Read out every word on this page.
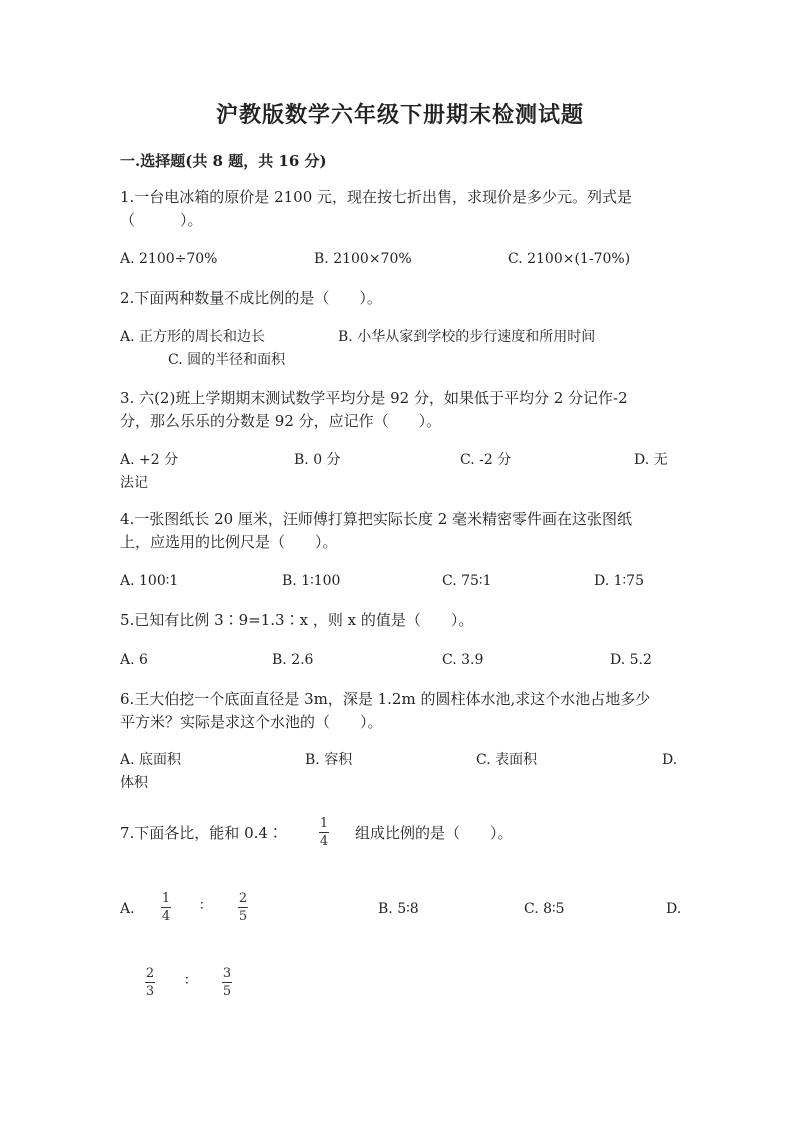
沪教版数学六年级下册期末检测试题
一.选择题(共 8 题，共 16 分)
1.一台电冰箱的原价是 2100 元，现在按七折出售，求现价是多少元。列式是
（　　　）。
A. 2100÷70%	B. 2100×70%	C. 2100×(1-70%)
2.下面两种数量不成比例的是（　　）。
A. 正方形的周长和边长	B. 小华从家到学校的步行速度和所用时间
C. 圆的半径和面积
3. 六(2)班上学期期末测试数学平均分是 92 分，如果低于平均分 2 分记作-2
分，那么乐乐的分数是 92 分，应记作（　　）。
A. +2 分	B. 0 分	C. -2 分	D. 无
法记
4.一张图纸长 20 厘米，汪师傅打算把实际长度 2 毫米精密零件画在这张图纸
上，应选用的比例尺是（　　）。
A. 100∶1	B. 1∶100	C. 75∶1	D. 1∶75
5.已知有比例 3∶9=1.3∶x ，则 x 的值是（　　）。
A. 6	B. 2.6	C. 3.9	D. 5.2
6.王大伯挖一个底面直径是 3m，深是 1.2m 的圆柱体水池,求这个水池占地多少
平方米？实际是求这个水池的（　　）。
A. 底面积	B. 容积	C. 表面积	D.
体积
7.下面各比，能和 0.4∶
1
4 组成比例的是（　　）。
A.
1
4
∶	2
5	B. 5∶8	C. 8∶5	D.
2
3
∶	3
5
